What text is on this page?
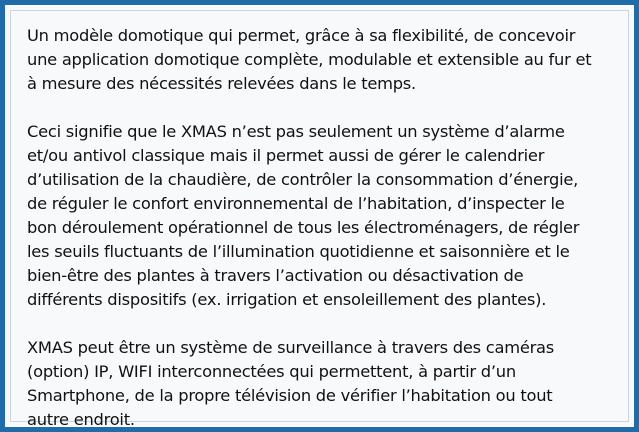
Un modèle domotique qui permet, grâce à sa flexibilité, de concevoir
une application domotique complète, modulable et extensible au fur et
à mesure des nécessités relevées dans le temps.

Ceci signifie que le XMAS n’est pas seulement un système d’alarme
et/ou antivol classique mais il permet aussi de gérer le calendrier
d’utilisation de la chaudière, de contrôler la consommation d’énergie,
de réguler le confort environnemental de l’habitation, d’inspecter le
bon déroulement opérationnel de tous les électroménagers, de régler
les seuils fluctuants de l’illumination quotidienne et saisonnière et le
bien-être des plantes à travers l’activation ou désactivation de
différents dispositifs (ex. irrigation et ensoleillement des plantes).

XMAS peut être un système de surveillance à travers des caméras
(option) IP, WIFI interconnectées qui permettent, à partir d’un
Smartphone, de la propre télévision de vérifier l’habitation ou tout
autre endroit.
